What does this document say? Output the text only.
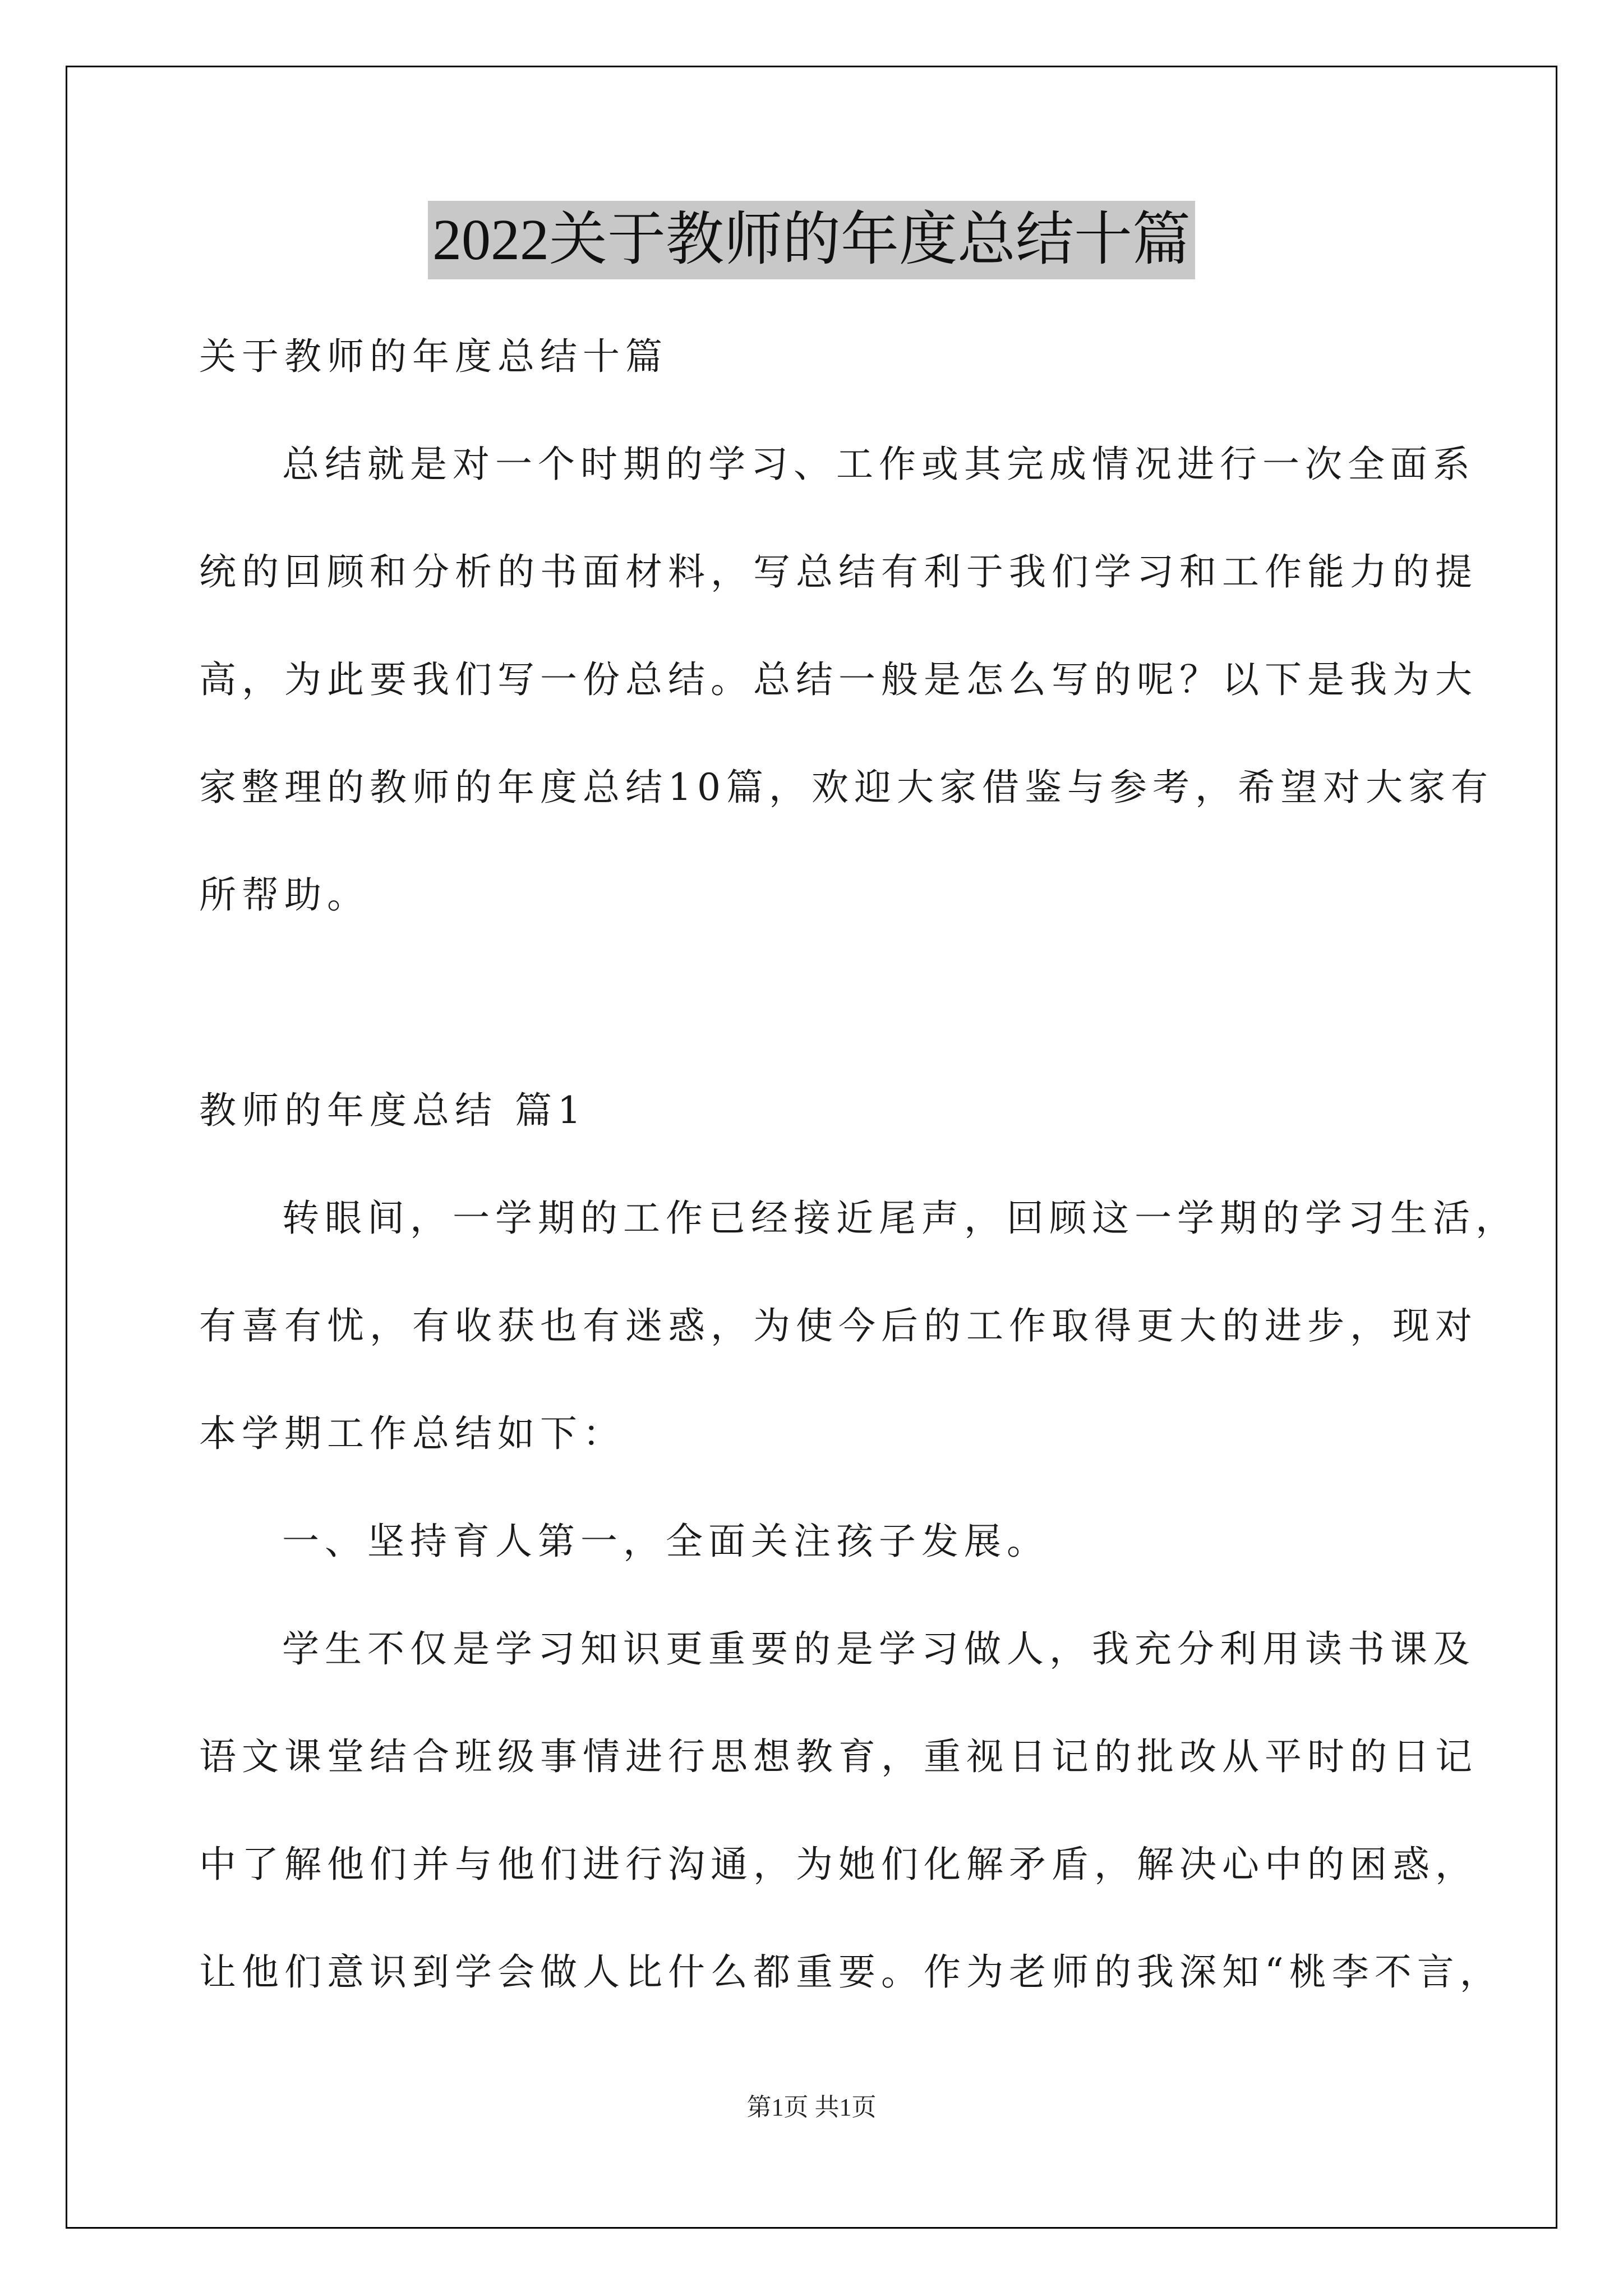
2022关于教师的年度总结十篇

关于教师的年度总结十篇

总结就是对一个时期的学习、工作或其完成情况进行一次全面系

统的回顾和分析的书面材料，写总结有利于我们学习和工作能力的提

高，为此要我们写一份总结。总结一般是怎么写的呢？以下是我为大

家整理的教师的年度总结10篇，欢迎大家借鉴与参考，希望对大家有

所帮助。

教师的年度总结 篇1

转眼间，一学期的工作已经接近尾声，回顾这一学期的学习生活，

有喜有忧，有收获也有迷惑，为使今后的工作取得更大的进步，现对

本学期工作总结如下：

一、坚持育人第一，全面关注孩子发展。

学生不仅是学习知识更重要的是学习做人，我充分利用读书课及

语文课堂结合班级事情进行思想教育，重视日记的批改从平时的日记

中了解他们并与他们进行沟通，为她们化解矛盾，解决心中的困惑，

让他们意识到学会做人比什么都重要。作为老师的我深知“桃李不言，

第1页 共1页
